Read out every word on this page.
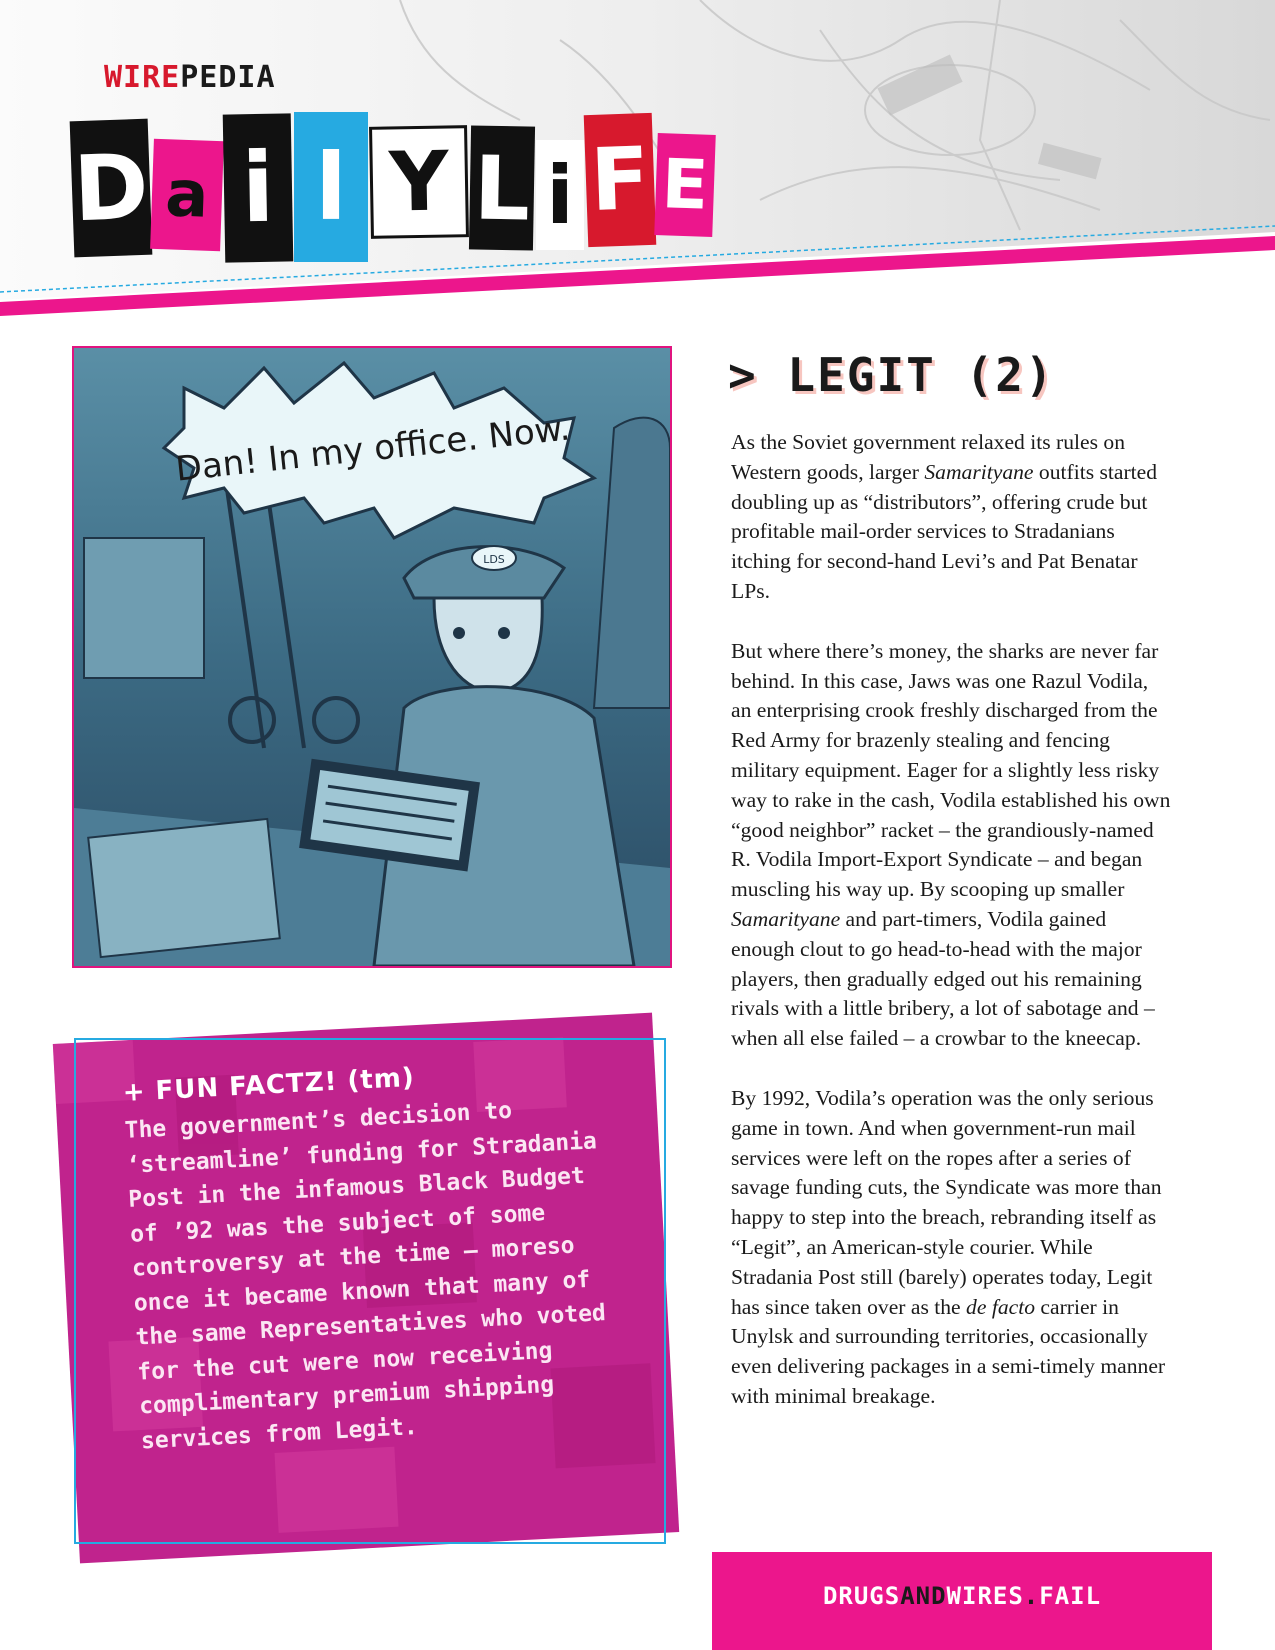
WIREPEDIA
D a i l Y L i F E
Dan! In my office. Now.
LDS
> LEGIT (2)

As the Soviet government relaxed its rules on Western goods, larger Samarityane outfits started doubling up as “distributors”, offering crude but profitable mail-order services to Stradanians itching for second-hand Levi’s and Pat Benatar LPs.

But where there’s money, the sharks are never far behind. In this case, Jaws was one Razul Vodila, an enterprising crook freshly discharged from the Red Army for brazenly stealing and fencing military equipment. Eager for a slightly less risky way to rake in the cash, Vodila established his own “good neighbor” racket – the grandiously-named R. Vodila Import-Export Syndicate – and began muscling his way up. By scooping up smaller Samarityane and part-timers, Vodila gained enough clout to go head-to-head with the major players, then gradually edged out his remaining rivals with a little bribery, a lot of sabotage and – when all else failed – a crowbar to the kneecap.

By 1992, Vodila’s operation was the only serious game in town. And when government-run mail services were left on the ropes after a series of savage funding cuts, the Syndicate was more than happy to step into the breach, rebranding itself as “Legit”, an American-style courier. While Stradania Post still (barely) operates today, Legit has since taken over as the de facto carrier in Unylsk and surrounding territories, occasionally even delivering packages in a semi-timely manner with minimal breakage.

+ FUN FACTZ! (tm)
The government’s decision to ‘streamline’ funding for Stradania Post in the infamous Black Budget of ’92 was the subject of some controversy at the time – moreso once it became known that many of the same Representatives who voted for the cut were now receiving complimentary premium shipping services from Legit.
DRUGSANDWIRES.FAIL
